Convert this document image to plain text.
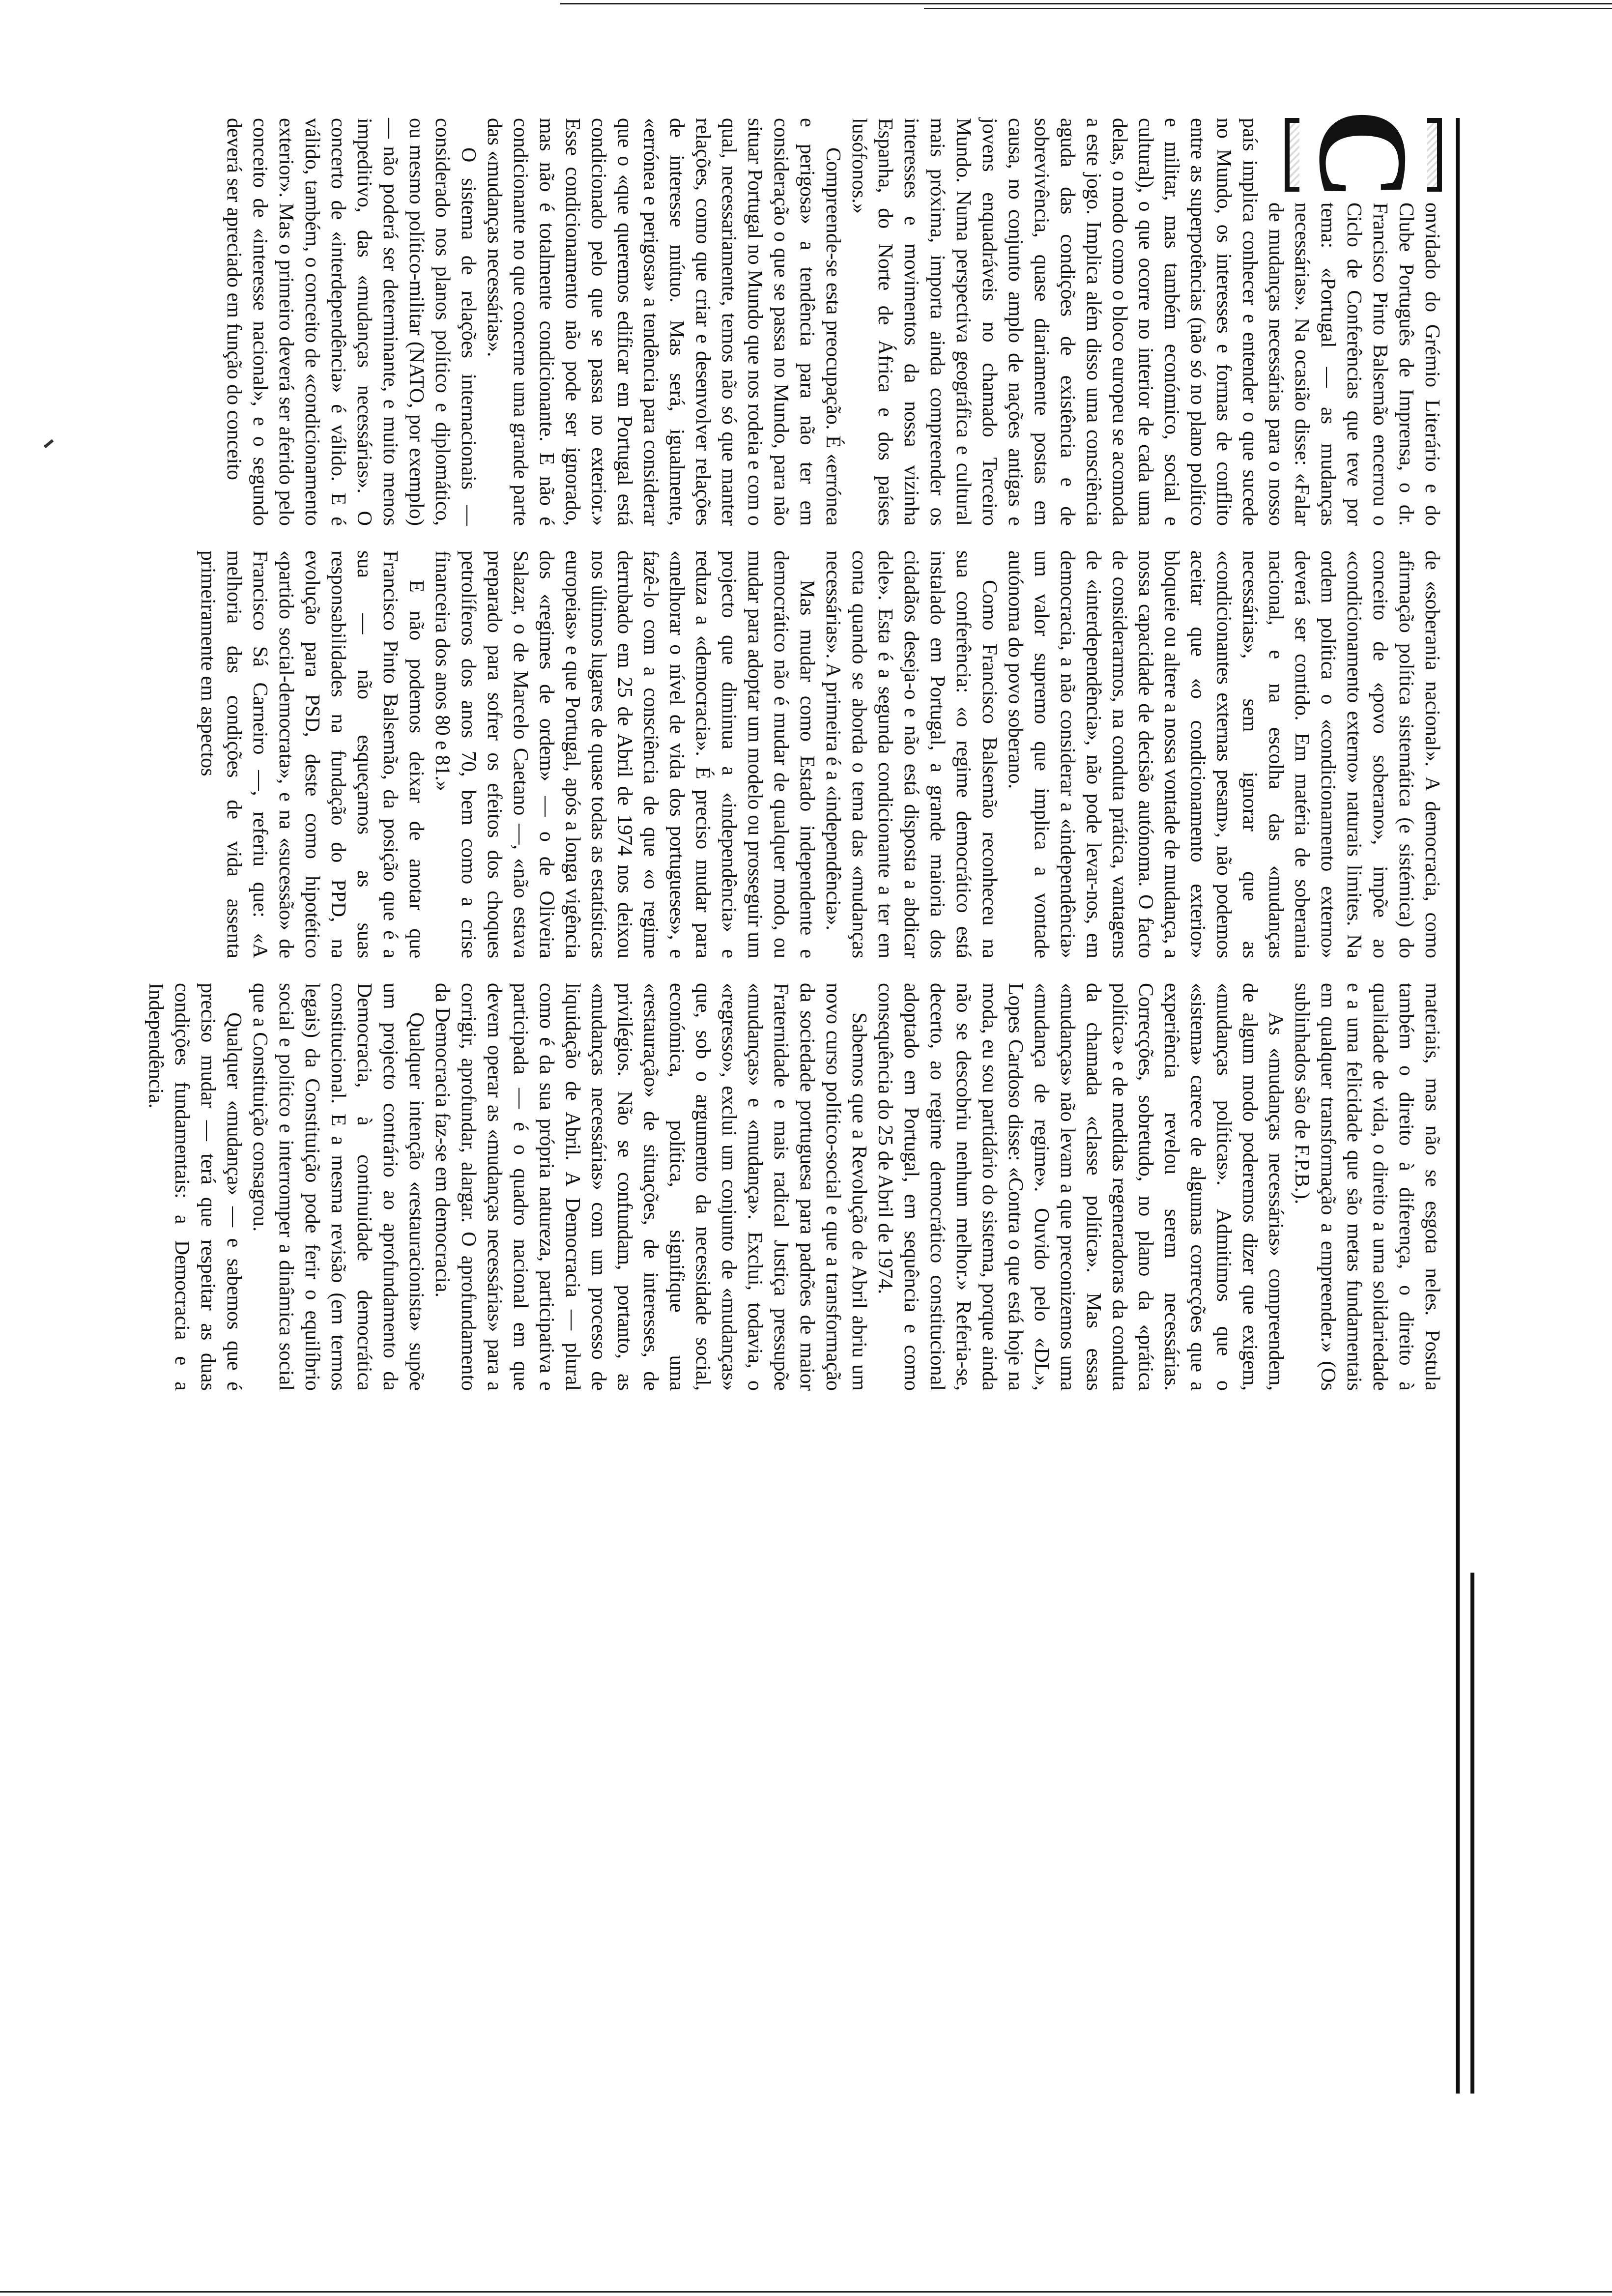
C

onvidado do Grémio Literário e do Clube Português de Imprensa, o dr. Francisco Pinto Balsemão encerrou o Ciclo de Conferências que teve por tema: «Portugal — as mudanças necessárias». Na ocasião disse: «Falar de mudanças necessárias para o nosso país implica conhecer e entender o que sucede no Mundo, os interesses e formas de conflito entre as superpotências (não só no plano político e militar, mas também económico, social e cultural), o que ocorre no interior de cada uma delas, o modo como o bloco europeu se acomoda a este jogo. Implica além disso uma consciência aguda das condições de existência e de sobrevivência, quase diariamente postas em causa, no conjunto amplo de nações antigas e jovens enquadráveis no chamado Terceiro Mundo. Numa perspectiva geográfica e cultural mais próxima, importa ainda compreender os interesses e movimentos da nossa vizinha Espanha, do Norte de África e dos países lusófonos.»

Compreende-se esta preocupação. É «errónea e perigosa» a tendência para não ter em consideração o que se passa no Mundo, para não situar Portugal no Mundo que nos rodeia e com o qual, necessariamente, temos não só que manter relações, como que criar e desenvolver relações de interesse mútuo. Mas será, igualmente, «errónea e perigosa» a tendência para considerar que o «que queremos edificar em Portugal está condicionado pelo que se passa no exterior.» Esse condicionamento não pode ser ignorado, mas não é totalmente condicionante. E não é condicionante no que concerne uma grande parte das «mudanças necessárias».

O sistema de relações internacionais — considerado nos planos político e diplomático, ou mesmo político-militar (NATO, por exemplo) — não poderá ser determinante, e muito menos impeditivo, das «mudanças necessárias». O concerto de «interdependência» é válido. E é válido, também, o conceito de «condicionamento exterior». Mas o primeiro deverá ser aferido pelo conceito de «interesse nacional», e o segundo deverá ser apreciado em função do conceito

de «soberania nacional». A democracia, como afirmação política sistemática (e sistémica) do conceito de «povo soberano», impõe ao «condicionamento externo» naturais limites. Na ordem política o «condicionamento externo» deverá ser contido. Em matéria de soberania nacional, e na escolha das «mudanças necessárias», sem ignorar que as «condicionantes externas pesam», não podemos aceitar que «o condicionamento exterior» bloqueie ou altere a nossa vontade de mudança, a nossa capacidade de decisão autónoma. O facto de considerarmos, na conduta prática, vantagens de «interdependência», não pode levar-nos, em democracia, a não considerar a «independência» um valor supremo que implica a vontade autónoma do povo soberano.

Como Francisco Balsemão reconheceu na sua conferência: «o regime democrático está instalado em Portugal, a grande maioria dos cidadãos deseja-o e não está disposta a abdicar dele». Esta é a segunda condicionante a ter em conta quando se aborda o tema das «mudanças necessárias». A primeira é a «independência».

Mas mudar como Estado independente e democrático não é mudar de qualquer modo, ou mudar para adoptar um modelo ou prosseguir um projecto que diminua a «independência» e reduza a «democracia». É preciso mudar para «melhorar o nível de vida dos portugueses», e fazê-lo com a consciência de que «o regime derrubado em 25 de Abril de 1974 nos deixou nos últimos lugares de quase todas as estatísticas europeias» e que Portugal, após a longa vigência dos «regimes de ordem» — o de Oliveira Salazar, o de Marcelo Caetano —, «não estava preparado para sofrer os efeitos dos choques petrolíferos dos anos 70, bem como a crise financeira dos anos 80 e 81.»

E não podemos deixar de anotar que Francisco Pinto Balsemão, da posição que é a sua — não esqueçamos as suas responsabilidades na fundação do PPD, na evolução para PSD, deste como hipotético «partido social-democrata», e na «sucessão» de Francisco Sá Carneiro —, referiu que: «A melhoria das condições de vida assenta primeiramente em aspectos

materiais, mas não se esgota neles. Postula também o direito à diferença, o direito à qualidade de vida, o direito a uma solidariedade e a uma felicidade que são metas fundamentais em qualquer transformação a empreender.» (Os sublinhados são de F.P.B.).

As «mudanças necessárias» compreendem, de algum modo poderemos dizer que exigem, «mudanças políticas». Admitimos que o «sistema» carece de algumas correcções que a experiência revelou serem necessárias. Correcções, sobretudo, no plano da «prática política» e de medidas regeneradoras da conduta da chamada «classe política». Mas essas «mudanças» não levam a que preconizemos uma «mudança de regime». Ouvido pelo «DL», Lopes Cardoso disse: «Contra o que está hoje na moda, eu sou partidário do sistema, porque ainda não se descobriu nenhum melhor.» Referia-se, decerto, ao regime democrático constitucional adoptado em Portugal, em sequência e como consequência do 25 de Abril de 1974.

Sabemos que a Revolução de Abril abriu um novo curso político-social e que a transformação da sociedade portuguesa para padrões de maior Fraternidade e mais radical Justiça pressupõe «mudanças» e «mudança». Exclui, todavia, o «regresso», exclui um conjunto de «mudanças» que, sob o argumento da necessidade social, económica, política, signifique uma «restauração» de situações, de interesses, de privilégios. Não se confundam, portanto, as «mudanças necessárias» com um processo de liquidação de Abril. A Democracia — plural como é da sua própria natureza, participativa e participada — é o quadro nacional em que devem operar as «mudanças necessárias» para a corrigir, aprofundar, alargar. O aprofundamento da Democracia faz-se em democracia.

Qualquer intenção «restauracionista» supõe um projecto contrário ao aprofundamento da Democracia, à continuidade democrática constitucional. E a mesma revisão (em termos legais) da Constituição pode ferir o equilíbrio social e político e interromper a dinâmica social que a Constituição consagrou.

Qualquer «mudança» — e sabemos que é preciso mudar — terá que respeitar as duas condições fundamentais: a Democracia e a Independência.
